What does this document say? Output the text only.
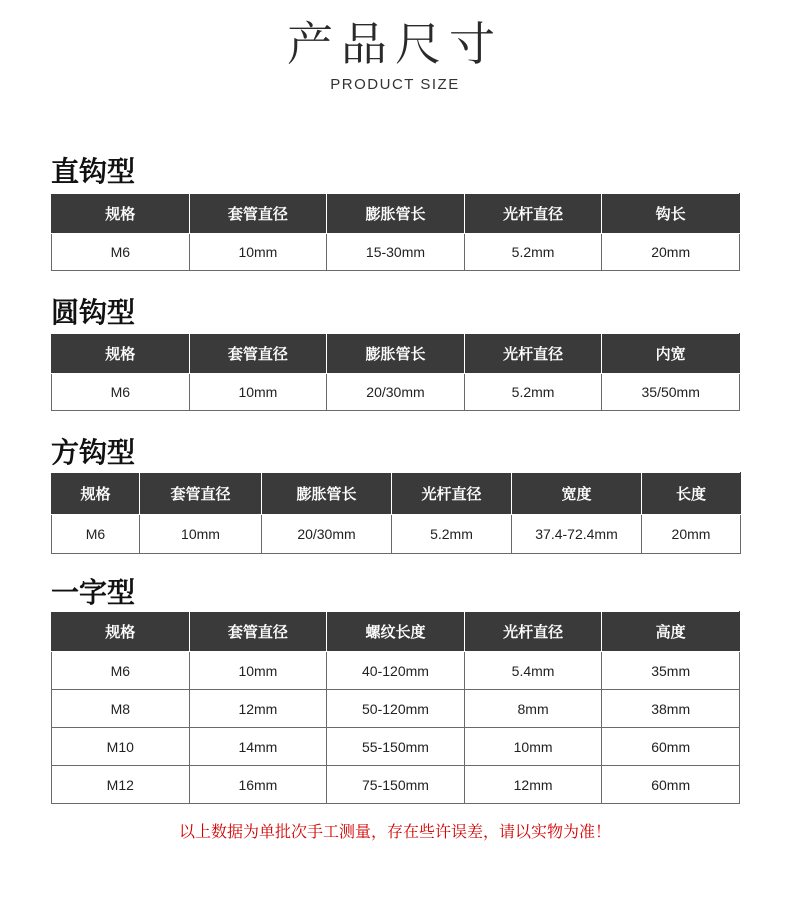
产品尺寸
PRODUCT SIZE
直钩型
规格	套管直径	膨胀管长	光杆直径	钩长
M6	10mm	15-30mm	5.2mm	20mm
圆钩型
规格	套管直径	膨胀管长	光杆直径	内宽
M6	10mm	20/30mm	5.2mm	35/50mm
方钩型
规格	套管直径	膨胀管长	光杆直径	宽度	长度
M6	10mm	20/30mm	5.2mm	37.4-72.4mm	20mm
一字型
规格	套管直径	螺纹长度	光杆直径	高度
M6	10mm	40-120mm	5.4mm	35mm
M8	12mm	50-120mm	8mm	38mm
M10	14mm	55-150mm	10mm	60mm
M12	16mm	75-150mm	12mm	60mm
以上数据为单批次手工测量，存在些许误差，请以实物为准！
